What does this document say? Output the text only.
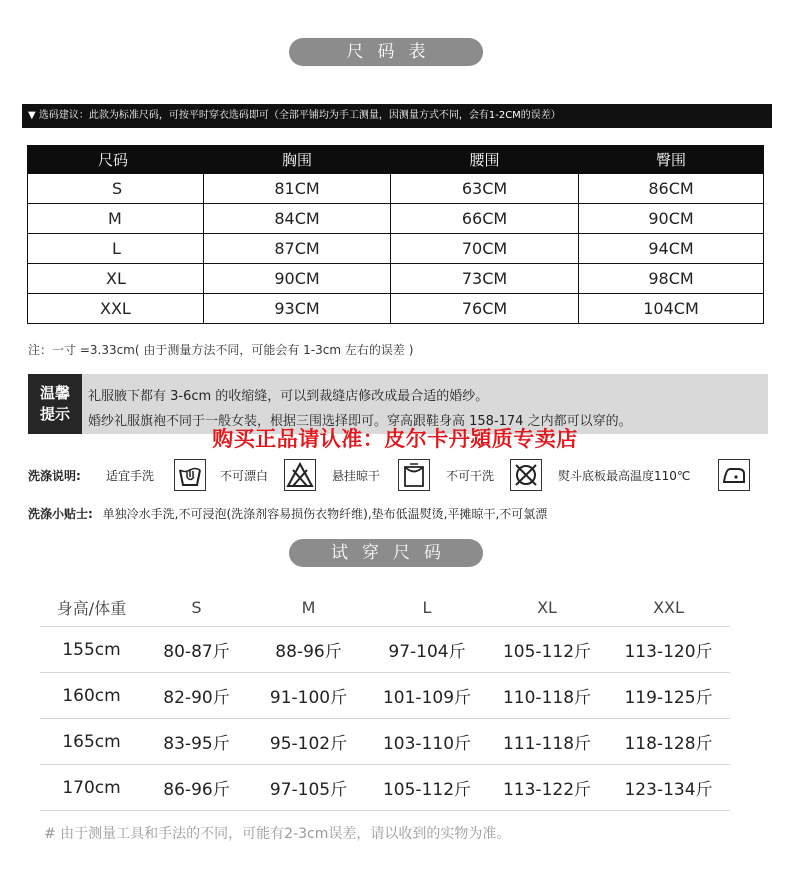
尺码表
▼ 选码建议：此款为标准尺码，可按平时穿衣选码即可（全部平铺均为手工测量，因测量方式不同，会有1-2CM的误差）
尺码	胸围	腰围	臀围
S	81CM	63CM	86CM
M	84CM	66CM	90CM
L	87CM	70CM	94CM
XL	90CM	73CM	98CM
XXL	93CM	76CM	104CM
注：一寸 =3.33cm( 由于测量方法不同，可能会有 1-3cm 左右的误差 )
温馨
提示
礼服腋下都有 3-6cm 的收缩缝，可以到裁缝店修改成最合适的婚纱。
婚纱礼服旗袍不同于一般女装，根据三围选择即可。穿高跟鞋身高 158-174 之内都可以穿的。
购买正品请认准：皮尔卡丹熲质专卖店
洗涤说明: 适宜手洗	不可漂白	悬挂晾干	不可干洗	熨斗底板最高温度110℃
洗涤小贴士: 单独冷水手洗,不可浸泡(洗涤剂容易损伤衣物纤维),垫布低温熨烫,平摊晾干,不可氯漂
试穿尺码
身高/体重	S	M	L	XL	XXL
155cm	80-87斤	88-96斤	97-104斤	105-112斤	113-120斤
160cm	82-90斤	91-100斤	101-109斤	110-118斤	119-125斤
165cm	83-95斤	95-102斤	103-110斤	111-118斤	118-128斤
170cm	86-96斤	97-105斤	105-112斤	113-122斤	123-134斤
# 由于测量工具和手法的不同，可能有2-3cm误差，请以收到的实物为准。
